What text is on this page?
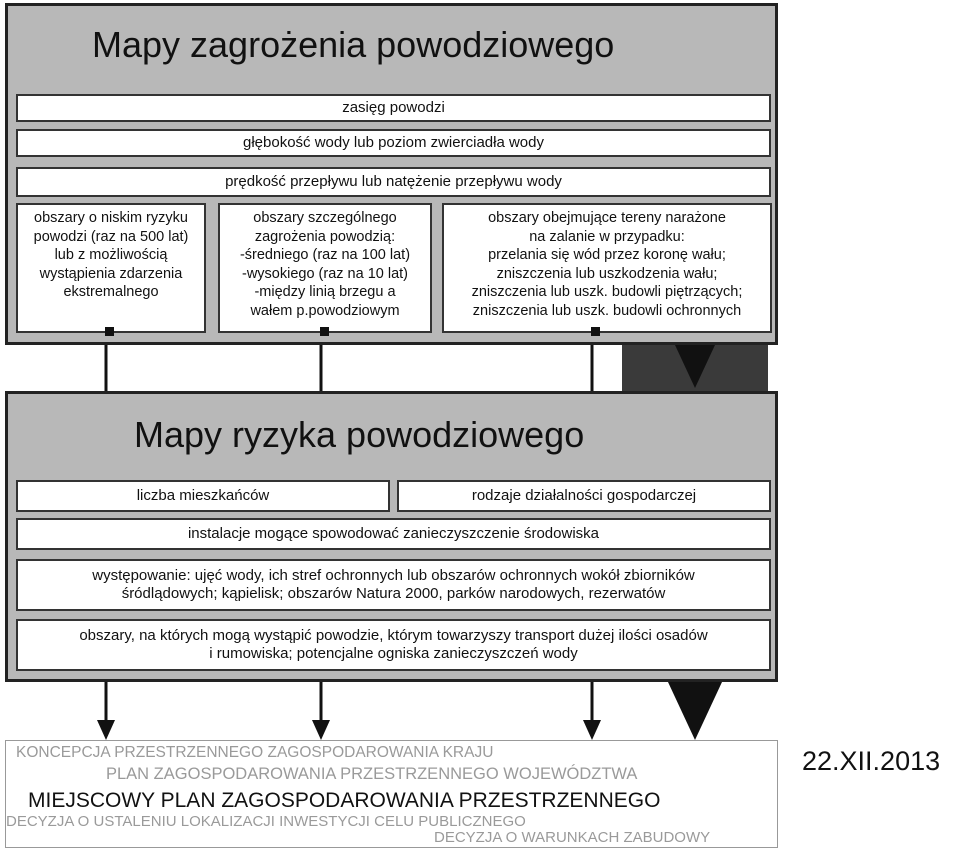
Mapy zagrożenia powodziowego
zasięg powodzi
głębokość wody lub poziom zwierciadła wody
prędkość przepływu lub natężenie przepływu wody
obszary o niskim ryzyku
powodzi (raz na 500 lat)
lub z możliwością
wystąpienia zdarzenia
ekstremalnego
obszary szczególnego
zagrożenia powodzią:
-średniego (raz na 100 lat)
-wysokiego (raz na 10 lat)
-między linią brzegu a
wałem p.powodziowym
obszary obejmujące tereny narażone
na zalanie w przypadku:
przelania się wód przez koronę wału;
zniszczenia lub uszkodzenia wału;
zniszczenia lub uszk. budowli piętrzących;
zniszczenia lub uszk. budowli ochronnych
Mapy ryzyka powodziowego
liczba mieszkańców	rodzaje działalności gospodarczej
instalacje mogące spowodować zanieczyszczenie środowiska
występowanie: ujęć wody, ich stref ochronnych lub obszarów ochronnych wokół zbiorników
śródlądowych; kąpielisk; obszarów Natura 2000, parków narodowych, rezerwatów
obszary, na których mogą wystąpić powodzie, którym towarzyszy transport dużej ilości osadów
i rumowiska; potencjalne ogniska zanieczyszczeń wody
KONCEPCJA PRZESTRZENNEGO ZAGOSPODAROWANIA KRAJU
PLAN ZAGOSPODAROWANIA PRZESTRZENNEGO WOJEWÓDZTWA
MIEJSCOWY PLAN ZAGOSPODAROWANIA PRZESTRZENNEGO
DECYZJA O USTALENIU LOKALIZACJI INWESTYCJI CELU PUBLICZNEGO
DECYZJA O WARUNKACH ZABUDOWY
22.XII.2013
